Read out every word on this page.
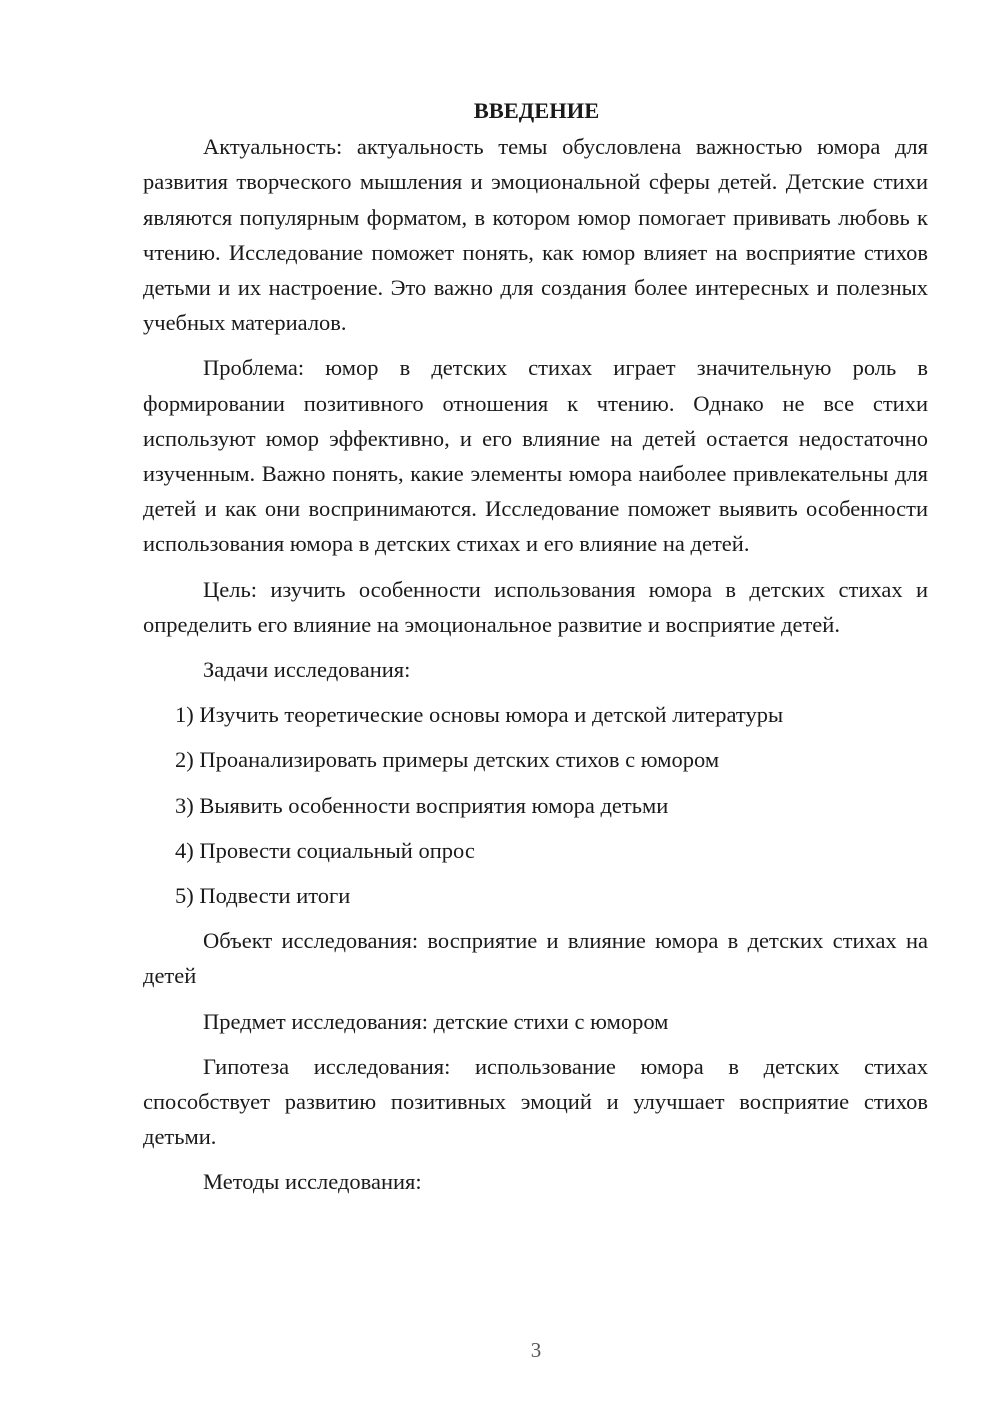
ВВЕДЕНИЕ

Актуальность: актуальность темы обусловлена важностью юмора для развития творческого мышления и эмоциональной сферы детей. Детские стихи являются популярным форматом, в котором юмор помогает прививать любовь к чтению. Исследование поможет понять, как юмор влияет на восприятие стихов детьми и их настроение. Это важно для создания более интересных и полезных учебных материалов.

Проблема: юмор в детских стихах играет значительную роль в формировании позитивного отношения к чтению. Однако не все стихи используют юмор эффективно, и его влияние на детей остается недостаточно изученным. Важно понять, какие элементы юмора наиболее привлекательны для детей и как они воспринимаются. Исследование поможет выявить особенности использования юмора в детских стихах и его влияние на детей.

Цель: изучить особенности использования юмора в детских стихах и определить его влияние на эмоциональное развитие и восприятие детей.

Задачи исследования:

1)
Изучить теоретические основы юмора и детской литературы
2)
Проанализировать примеры детских стихов с юмором
3)
Выявить особенности восприятия юмора детьми
4)
Провести социальный опрос
5)
Подвести итоги

Объект исследования: восприятие и влияние юмора в детских стихах на детей

Предмет исследования: детские стихи с юмором

Гипотеза исследования: использование юмора в детских стихах способствует развитию позитивных эмоций и улучшает восприятие стихов детьми.

Методы исследования:

3
